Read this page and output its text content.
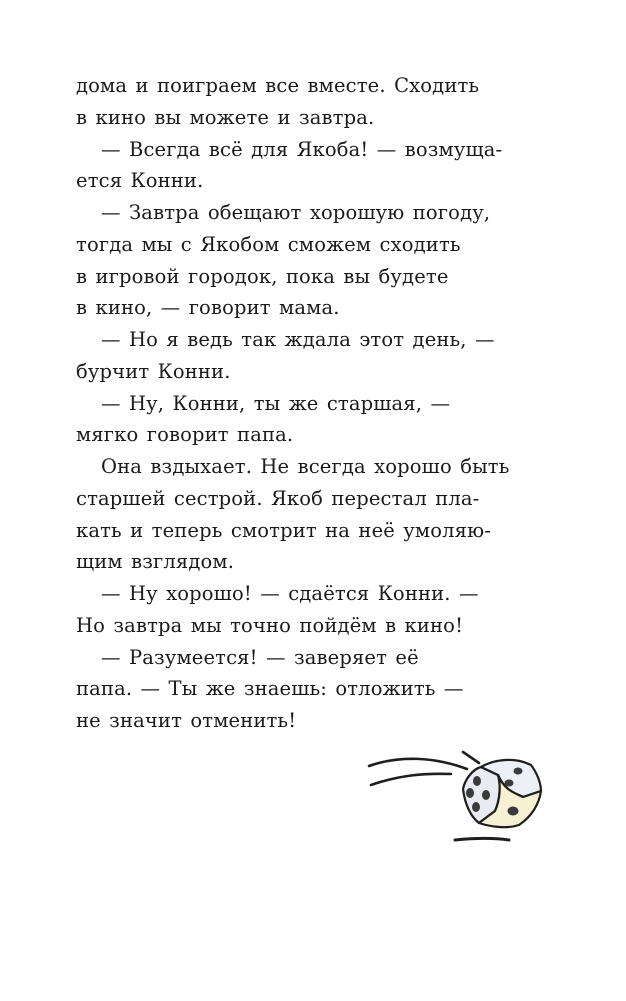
дома и поиграем все вместе. Сходить
в кино вы можете и завтра.
— Всегда всё для Якоба! — возмуща-
ется Конни.
— Завтра обещают хорошую погоду,
тогда мы с Якобом сможем сходить
в игровой городок, пока вы будете
в кино, — говорит мама.
— Но я ведь так ждала этот день, —
бурчит Конни.
— Ну, Конни, ты же старшая, —
мягко говорит папа.
Она вздыхает. Не всегда хорошо быть
старшей сестрой. Якоб перестал пла-
кать и теперь смотрит на неё умоляю-
щим взглядом.
— Ну хорошо! — сдаётся Конни. —
Но завтра мы точно пойдём в кино!
— Разумеется! — заверяет её
папа. — Ты же знаешь: отложить —
не значит отменить!
